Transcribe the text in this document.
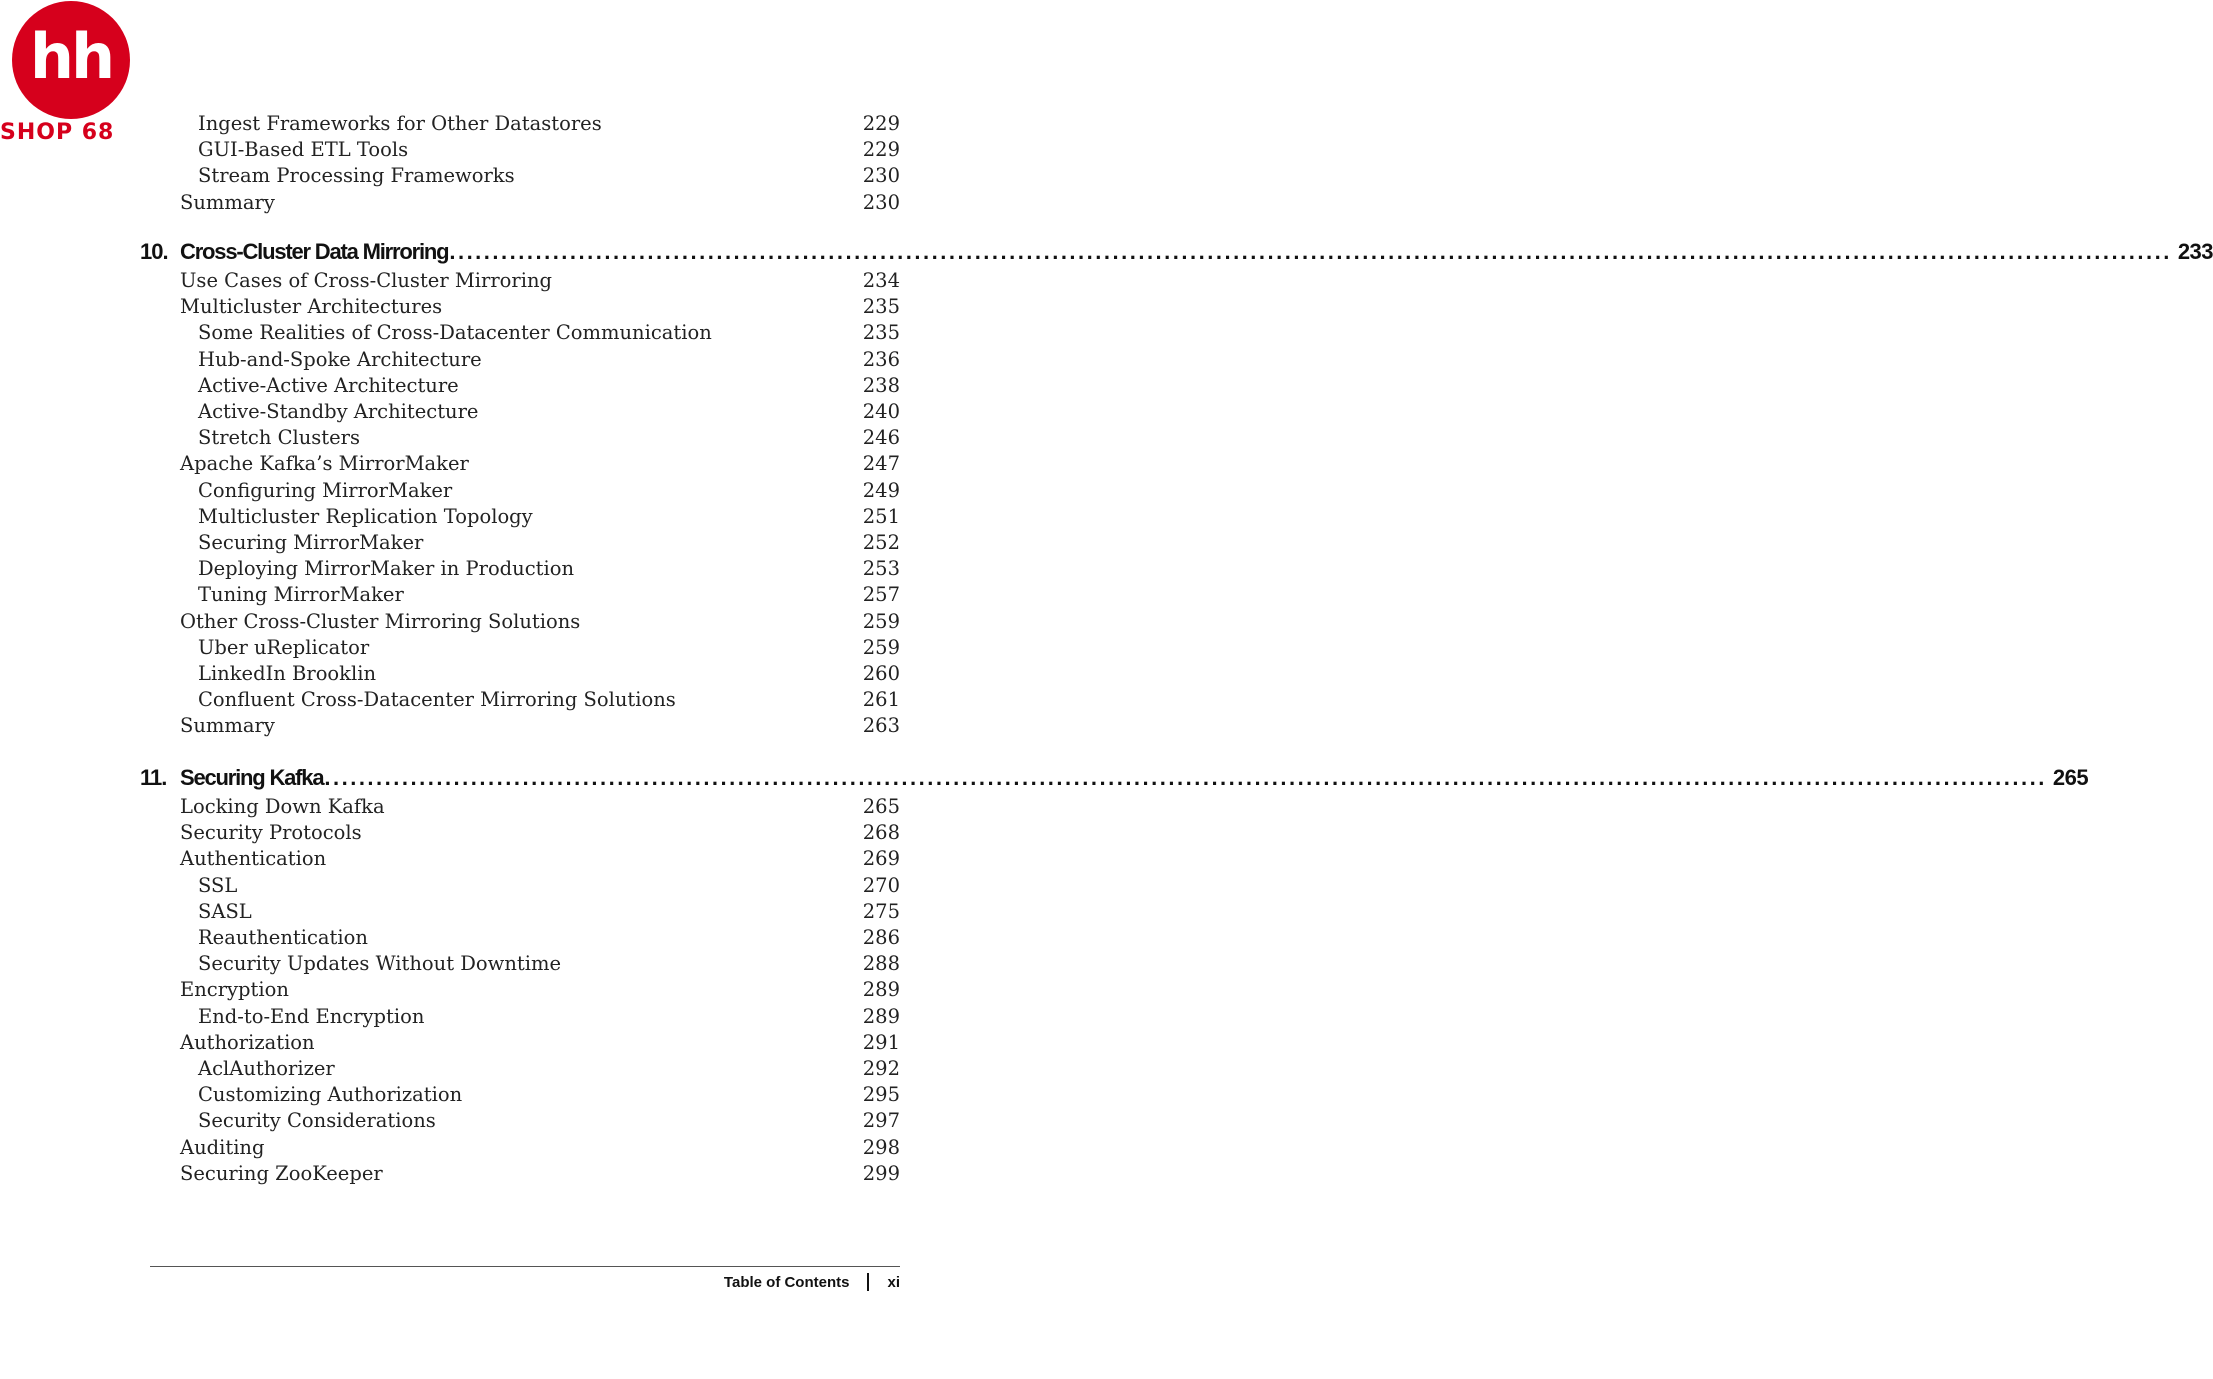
hh
SHOP 68	Ingest Frameworks for Other Datastores	229
GUI-Based ETL Tools	229
Stream Processing Frameworks	230
Summary	230
10. Cross-Cluster Data Mirroring ........................................................................................................................................................................................................ 233
Use Cases of Cross-Cluster Mirroring	234
Multicluster Architectures	235
Some Realities of Cross-Datacenter Communication	235
Hub-and-Spoke Architecture	236
Active-Active Architecture	238
Active-Standby Architecture	240
Stretch Clusters	246
Apache Kafka’s MirrorMaker	247
Configuring MirrorMaker	249
Multicluster Replication Topology	251
Securing MirrorMaker	252
Deploying MirrorMaker in Production	253
Tuning MirrorMaker	257
Other Cross-Cluster Mirroring Solutions	259
Uber uReplicator	259
LinkedIn Brooklin	260
Confluent Cross-Datacenter Mirroring Solutions	261
Summary	263
11. Securing Kafka ........................................................................................................................................................................................................ 265
Locking Down Kafka	265
Security Protocols	268
Authentication	269
SSL	270
SASL	275
Reauthentication	286
Security Updates Without Downtime	288
Encryption	289
End-to-End Encryption	289
Authorization	291
AclAuthorizer	292
Customizing Authorization	295
Security Considerations	297
Auditing	298
Securing ZooKeeper	299
Table of Contents	xi
